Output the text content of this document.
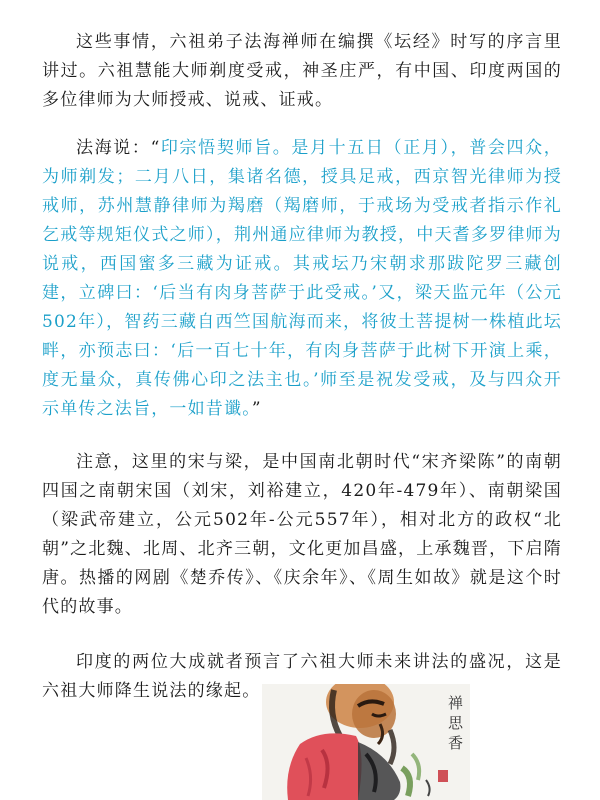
这些事情，六祖弟子法海禅师在编撰《坛经》时写的序言里讲过。六祖慧能大师剃度受戒，神圣庄严，有中国、印度两国的多位律师为大师授戒、说戒、证戒。

法海说：“印宗悟契师旨。是月十五日（正月），普会四众，为师剃发；二月八日，集诸名德，授具足戒，西京智光律师为授戒师，苏州慧静律师为羯磨（羯磨师，于戒场为受戒者指示作礼乞戒等规矩仪式之师），荆州通应律师为教授，中天耆多罗律师为说戒，西国蜜多三藏为证戒。其戒坛乃宋朝求那跋陀罗三藏创建，立碑曰：‘后当有肉身菩萨于此受戒。’又，梁天监元年（公元502年），智药三藏自西竺国航海而来，将彼土菩提树一株植此坛畔，亦预志曰：‘后一百七十年，有肉身菩萨于此树下开演上乘，度无量众，真传佛心印之法主也。’师至是祝发受戒，及与四众开示单传之法旨，一如昔谶。”

注意，这里的宋与梁，是中国南北朝时代“宋齐梁陈”的南朝四国之南朝宋国（刘宋，刘裕建立，420年-479年）、南朝梁国（梁武帝建立，公元502年-公元557年），相对北方的政权“北朝”之北魏、北周、北齐三朝，文化更加昌盛，上承魏晋，下启隋唐。热播的网剧《楚乔传》、《庆余年》、《周生如故》就是这个时代的故事。

印度的两位大成就者预言了六祖大师未来讲法的盛况，这是六祖大师降生说法的缘起。

禅
思
香
